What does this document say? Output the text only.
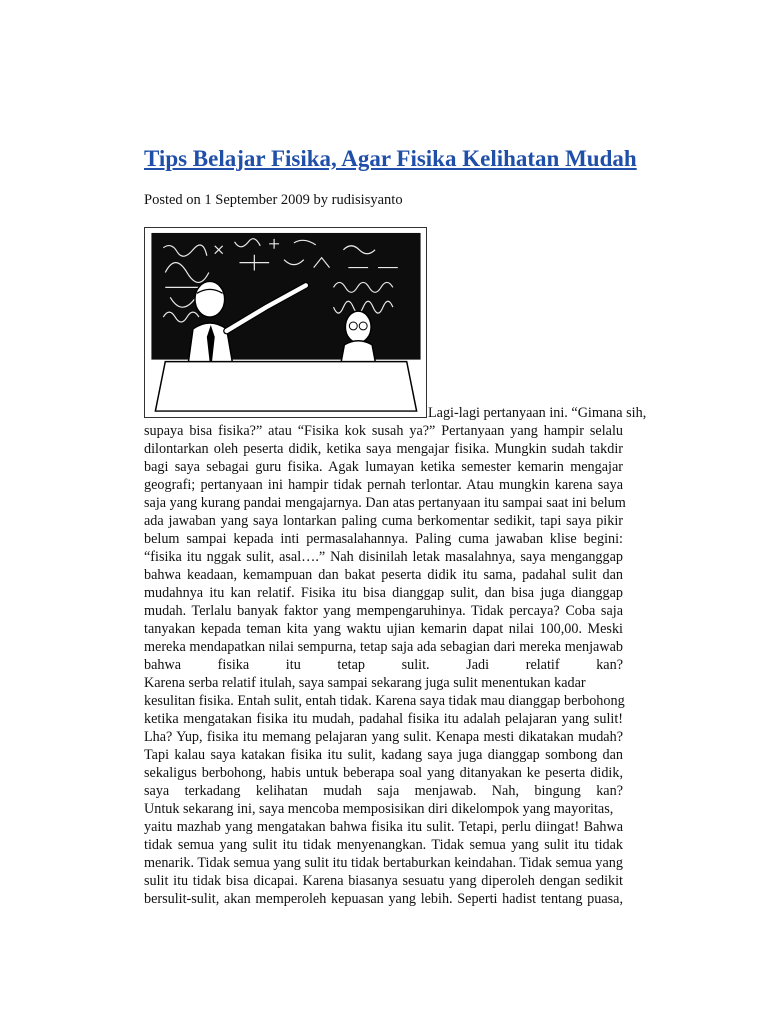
Tips Belajar Fisika, Agar Fisika Kelihatan Mudah

Posted on 1 September 2009 by rudisisyanto

Lagi-lagi pertanyaan ini. “Gimana sih,
supaya bisa fisika?” atau “Fisika kok susah ya?” Pertanyaan yang hampir selalu
dilontarkan oleh peserta didik, ketika saya mengajar fisika. Mungkin sudah takdir
bagi saya sebagai guru fisika. Agak lumayan ketika semester kemarin mengajar
geografi; pertanyaan ini hampir tidak pernah terlontar. Atau mungkin karena saya
saja yang kurang pandai mengajarnya. Dan atas pertanyaan itu sampai saat ini belum
ada jawaban yang saya lontarkan paling cuma berkomentar sedikit, tapi saya pikir
belum sampai kepada inti permasalahannya. Paling cuma jawaban klise begini:
“fisika itu nggak sulit, asal….” Nah disinilah letak masalahnya, saya menganggap
bahwa keadaan, kemampuan dan bakat peserta didik itu sama, padahal sulit dan
mudahnya itu kan relatif. Fisika itu bisa dianggap sulit, dan bisa juga dianggap
mudah. Terlalu banyak faktor yang mempengaruhinya. Tidak percaya? Coba saja
tanyakan kepada teman kita yang waktu ujian kemarin dapat nilai 100,00. Meski
mereka mendapatkan nilai sempurna, tetap saja ada sebagian dari mereka menjawab
bahwa fisika itu tetap sulit. Jadi relatif kan?
Karena serba relatif itulah, saya sampai sekarang juga sulit menentukan kadar
kesulitan fisika. Entah sulit, entah tidak. Karena saya tidak mau dianggap berbohong
ketika mengatakan fisika itu mudah, padahal fisika itu adalah pelajaran yang sulit!
Lha? Yup, fisika itu memang pelajaran yang sulit. Kenapa mesti dikatakan mudah?
Tapi kalau saya katakan fisika itu sulit, kadang saya juga dianggap sombong dan
sekaligus berbohong, habis untuk beberapa soal yang ditanyakan ke peserta didik,
saya terkadang kelihatan mudah saja menjawab. Nah, bingung kan?
Untuk sekarang ini, saya mencoba memposisikan diri dikelompok yang mayoritas,
yaitu mazhab yang mengatakan bahwa fisika itu sulit. Tetapi, perlu diingat! Bahwa
tidak semua yang sulit itu tidak menyenangkan. Tidak semua yang sulit itu tidak
menarik. Tidak semua yang sulit itu tidak bertaburkan keindahan. Tidak semua yang
sulit itu tidak bisa dicapai. Karena biasanya sesuatu yang diperoleh dengan sedikit
bersulit-sulit, akan memperoleh kepuasan yang lebih. Seperti hadist tentang puasa,
